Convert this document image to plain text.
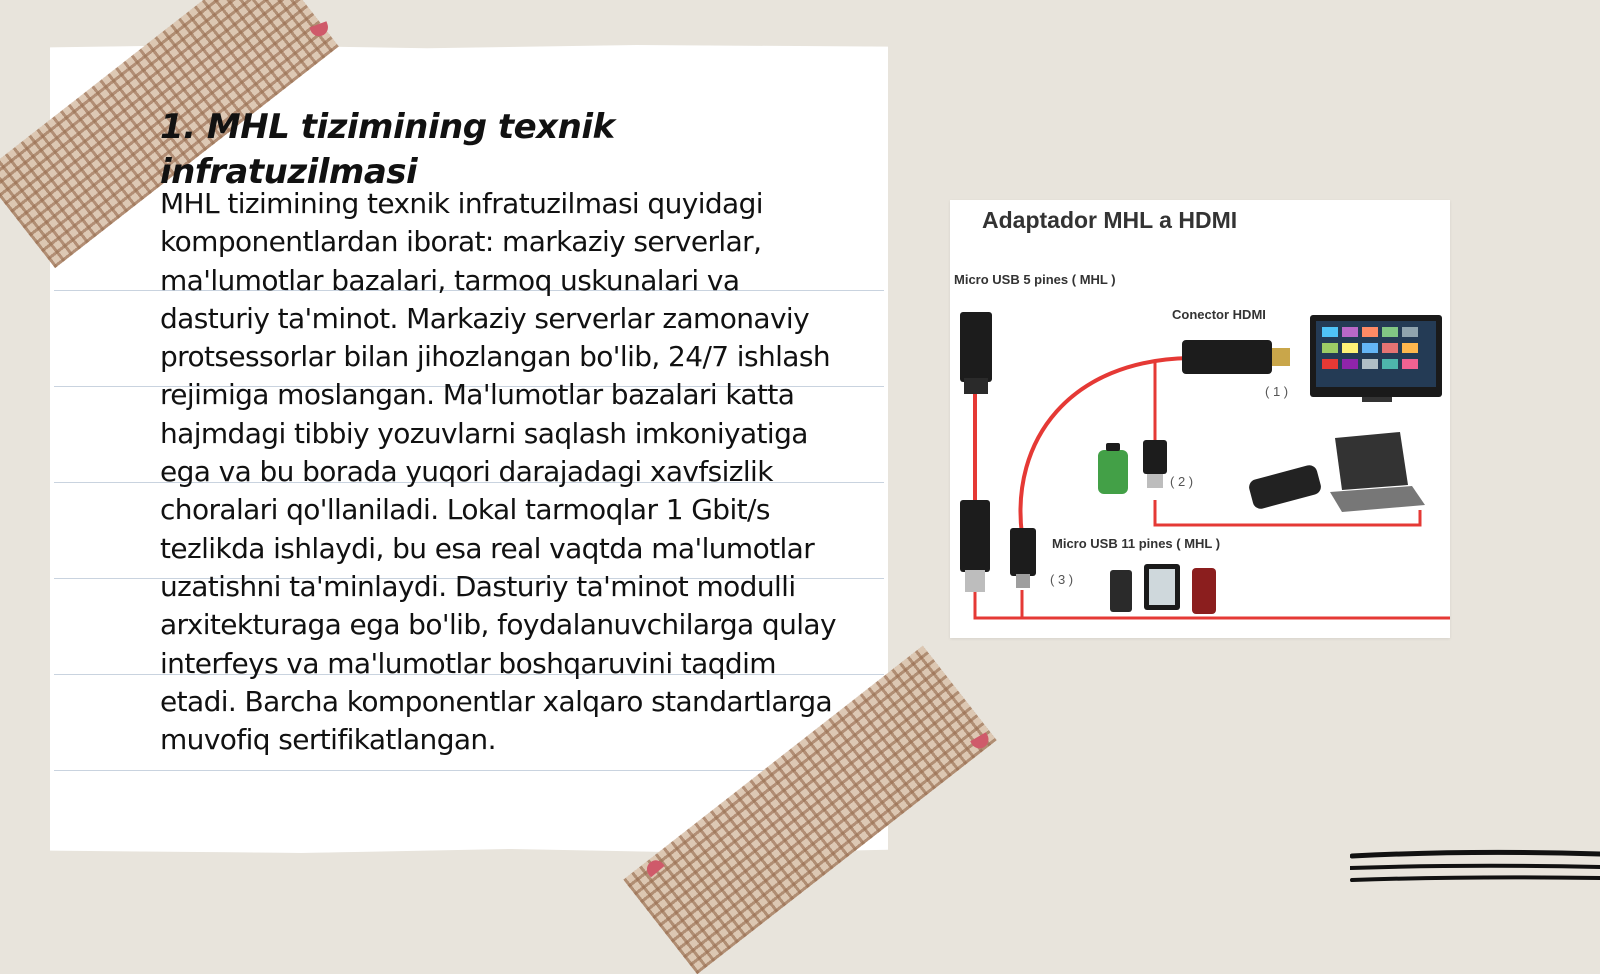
1. MHL tizimining texnik infratuzilmasi

MHL tizimining texnik infratuzilmasi quyidagi komponentlardan iborat: markaziy serverlar, ma'lumotlar bazalari, tarmoq uskunalari va dasturiy ta'minot. Markaziy serverlar zamonaviy protsessorlar bilan jihozlangan bo'lib, 24/7 ishlash rejimiga moslangan. Ma'lumotlar bazalari katta hajmdagi tibbiy yozuvlarni saqlash imkoniyatiga ega va bu borada yuqori darajadagi xavfsizlik choralari qo'llaniladi. Lokal tarmoqlar 1 Gbit/s tezlikda ishlaydi, bu esa real vaqtda ma'lumotlar uzatishni ta'minlaydi. Dasturiy ta'minot modulli arxitekturaga ega bo'lib, foydalanuvchilarga qulay interfeys va ma'lumotlar boshqaruvini taqdim etadi. Barcha komponentlar xalqaro standartlarga muvofiq sertifikatlangan.

Adaptador MHL a HDMI
Micro USB 5 pines ( MHL )
Conector HDMI
Micro USB 11 pines ( MHL )
( 2 )
( 1 )
( 3 )
